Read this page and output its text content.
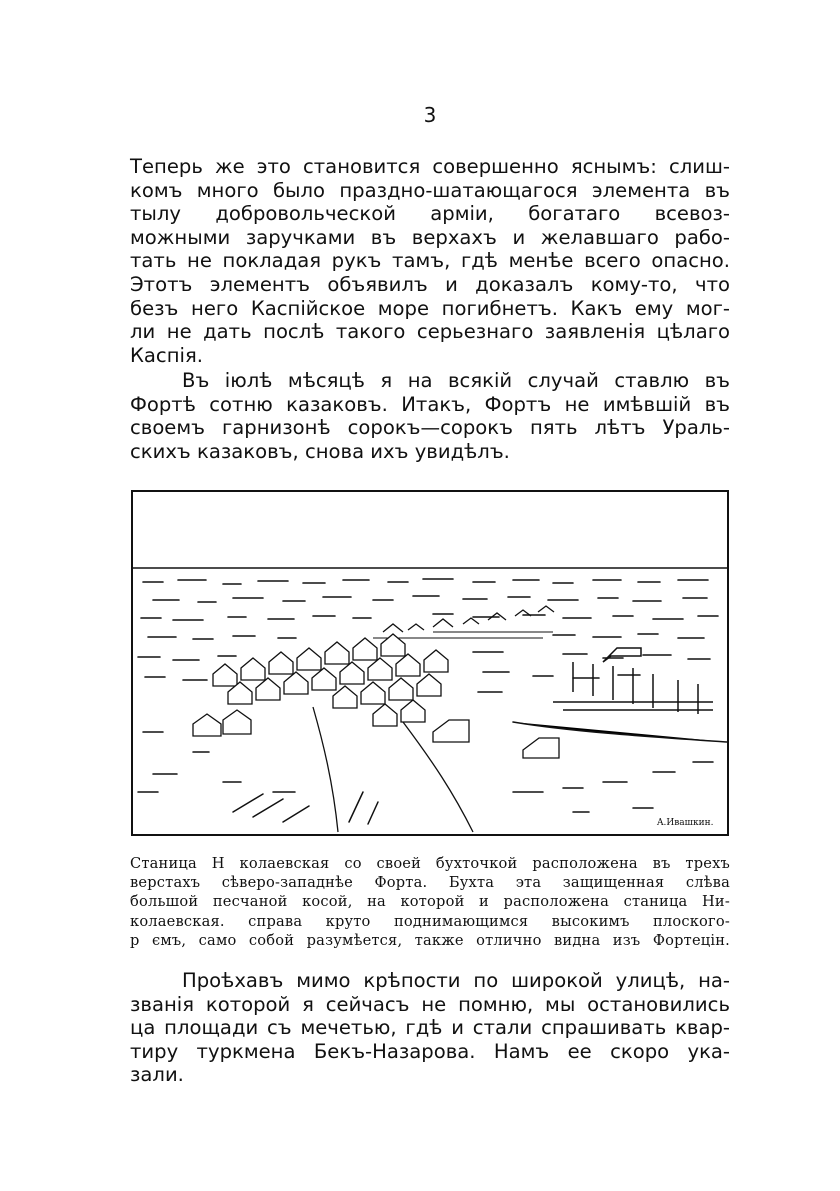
3
Теперь же это становится совершенно яснымъ: слиш-
комъ много было праздно-шатающагося элемента въ
тылу добровольческой арміи, богатаго всевоз-
можными заручками въ верхахъ и желавшаго рабо-
тать не покладая рукъ тамъ, гдѣ менѣе всего опасно.
Этотъ элементъ объявилъ и доказалъ кому-то, что
безъ него Каспійское море погибнетъ. Какъ ему мог-
ли не дать послѣ такого серьезнаго заявленія цѣлаго
Каспія.
Въ іюлѣ мѣсяцѣ я на всякій случай ставлю въ
Фортѣ сотню казаковъ. Итакъ, Фортъ не имѣвшій въ
своемъ гарнизонѣ сорокъ—сорокъ пять лѣтъ Ураль-
скихъ казаковъ, снова ихъ увидѣлъ.
A.Ивашкин.
Станица Н колаевская со своей бухточкой расположена въ трехъ
верстахъ сѣверо-западнѣе Форта. Бухта эта защищенная слѣва
большой песчаной косой, на которой и расположена станица Ни-
колаевская. справа круто поднимающимся высокимъ плоского-
р ємъ, само собой разумѣется, также отлично видна изъ Фортецін.
Проѣхавъ мимо крѣпости по широкой улицѣ, на-
званія которой я сейчасъ не помню, мы остановились
ца площади съ мечетью, гдѣ и стали спрашивать квар-
тиру туркмена Бекъ-Назарова. Намъ ее скоро ука-
зали.
